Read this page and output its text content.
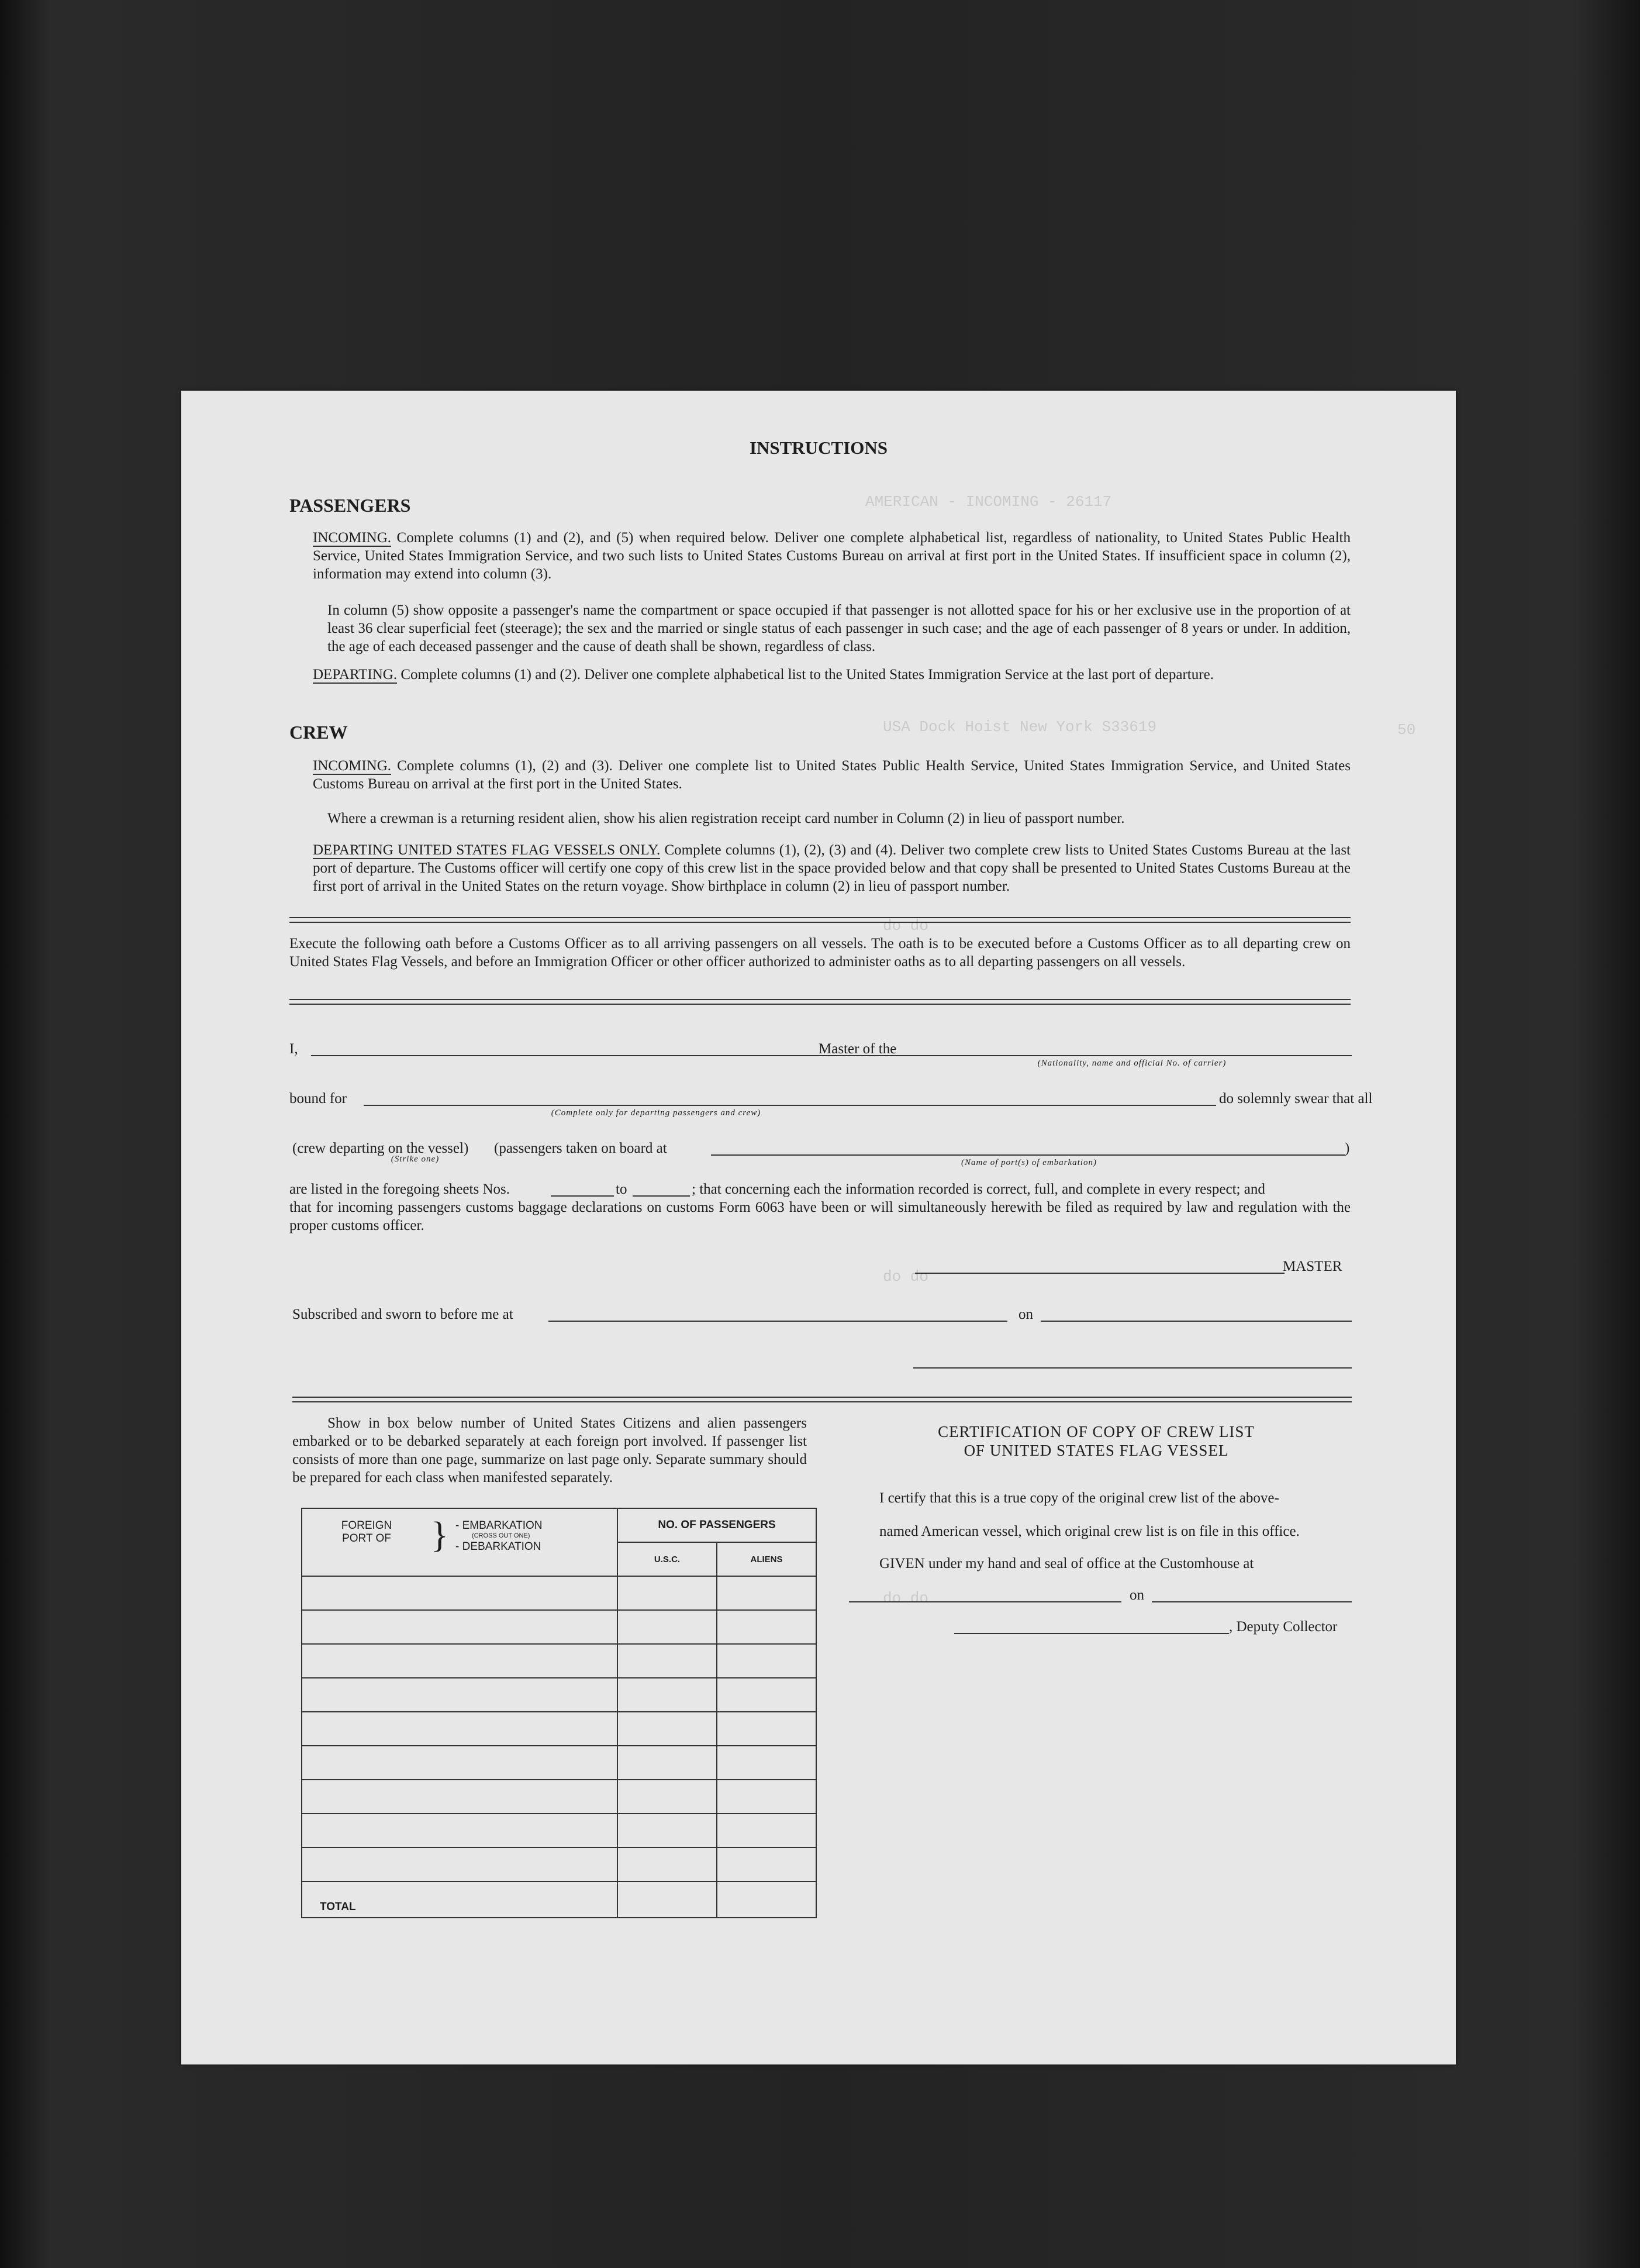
AMERICAN - INCOMING - 26117
50
USA Dock Hoist New York S33619
do do
do do
do do
INSTRUCTIONS
PASSENGERS
INCOMING. Complete columns (1) and (2), and (5) when required below. Deliver one complete alphabetical list, regardless of nationality, to United States Public Health Service, United States Immigration Service, and two such lists to United States Customs Bureau on arrival at first port in the United States. If insufficient space in column (2), information may extend into column (3).
In column (5) show opposite a passenger's name the compartment or space occupied if that passenger is not allotted space for his or her exclusive use in the proportion of at least 36 clear superficial feet (steerage); the sex and the married or single status of each passenger in such case; and the age of each passenger of 8 years or under. In addition, the age of each deceased passenger and the cause of death shall be shown, regardless of class.
DEPARTING. Complete columns (1) and (2). Deliver one complete alphabetical list to the United States Immigration Service at the last port of departure.
CREW
INCOMING. Complete columns (1), (2) and (3). Deliver one complete list to United States Public Health Service, United States Immigration Service, and United States Customs Bureau on arrival at the first port in the United States.
Where a crewman is a returning resident alien, show his alien registration receipt card number in Column (2) in lieu of passport number.
DEPARTING UNITED STATES FLAG VESSELS ONLY. Complete columns (1), (2), (3) and (4). Deliver two complete crew lists to United States Customs Bureau at the last port of departure. The Customs officer will certify one copy of this crew list in the space provided below and that copy shall be presented to United States Customs Bureau at the first port of arrival in the United States on the return voyage. Show birthplace in column (2) in lieu of passport number.
Execute the following oath before a Customs Officer as to all arriving passengers on all vessels. The oath is to be executed before a Customs Officer as to all departing crew on United States Flag Vessels, and before an Immigration Officer or other officer authorized to administer oaths as to all departing passengers on all vessels.
I,	Master of the
(Nationality, name and official No. of carrier)
bound for
(Complete only for departing passengers and crew)
do solemnly swear that all
(crew departing on the vessel)
(Strike one)
(passengers taken on board at
(Name of port(s) of embarkation)
)
are listed in the foregoing sheets Nos.	to	; that concerning each the information recorded is correct, full, and complete in every respect; and
that for incoming passengers customs baggage declarations on customs Form 6063 have been or will simultaneously herewith be filed as required by law and regulation with the proper customs officer.
MASTER
Subscribed and sworn to before me at	on
Show in box below number of United States Citizens and alien passengers embarked or to be debarked separately at each foreign port involved. If passenger list consists of more than one page, summarize on last page only. Separate summary should be prepared for each class when manifested separately.
FOREIGN PORT OF } - EMBARKATION
(CROSS OUT ONE)
- DEBARKATION	NO. OF PASSENGERS	
	U.S.C.	ALIENS

TOTAL		
CERTIFICATION OF COPY OF CREW LIST
OF UNITED STATES FLAG VESSEL
I certify that this is a true copy of the original crew list of the above-
named American vessel, which original crew list is on file in this office.
GIVEN under my hand and seal of office at the Customhouse at
on
, Deputy Collector
